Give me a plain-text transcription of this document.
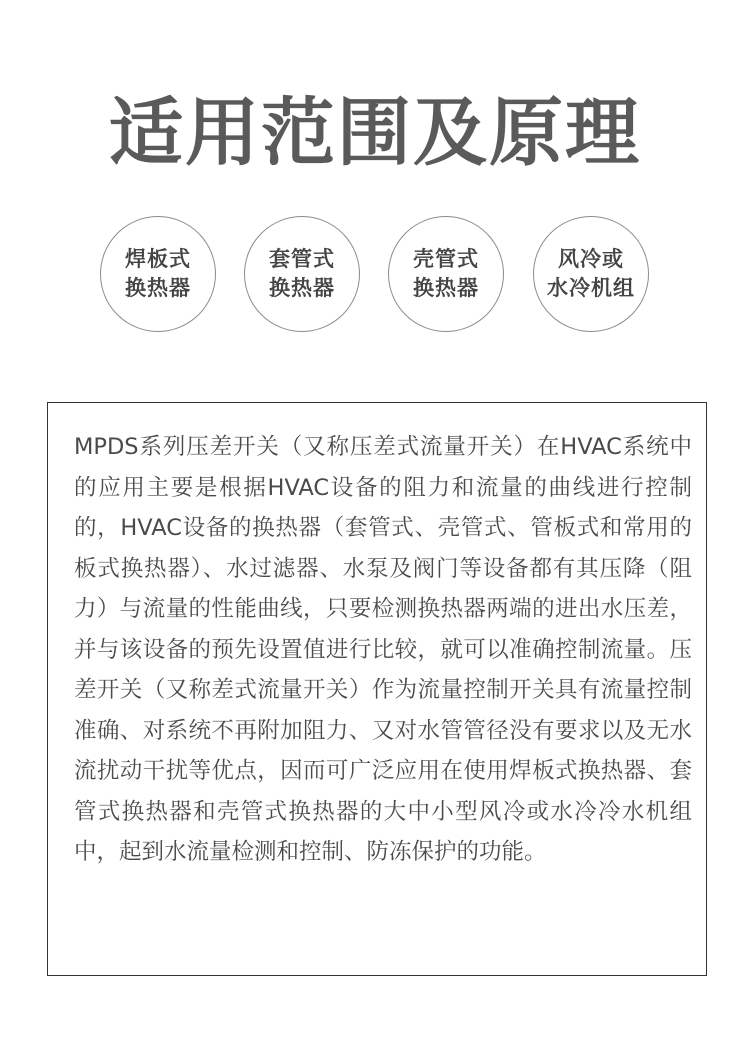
适用范围及原理
焊板式
换热器
套管式
换热器
壳管式
换热器
风冷或
水冷机组

MPDS系列压差开关（又称压差式流量开关）在HVAC系统中的应用主要是根据HVAC设备的阻力和流量的曲线进行控制的，HVAC设备的换热器（套管式、壳管式、管板式和常用的板式换热器）、水过滤器、水泵及阀门等设备都有其压降（阻力）与流量的性能曲线，只要检测换热器两端的进出水压差，并与该设备的预先设置值进行比较，就可以准确控制流量。压差开关（又称差式流量开关）作为流量控制开关具有流量控制准确、对系统不再附加阻力、又对水管管径没有要求以及无水流扰动干扰等优点，因而可广泛应用在使用焊板式换热器、套管式换热器和壳管式换热器的大中小型风冷或水冷冷水机组中，起到水流量检测和控制、防冻保护的功能。
